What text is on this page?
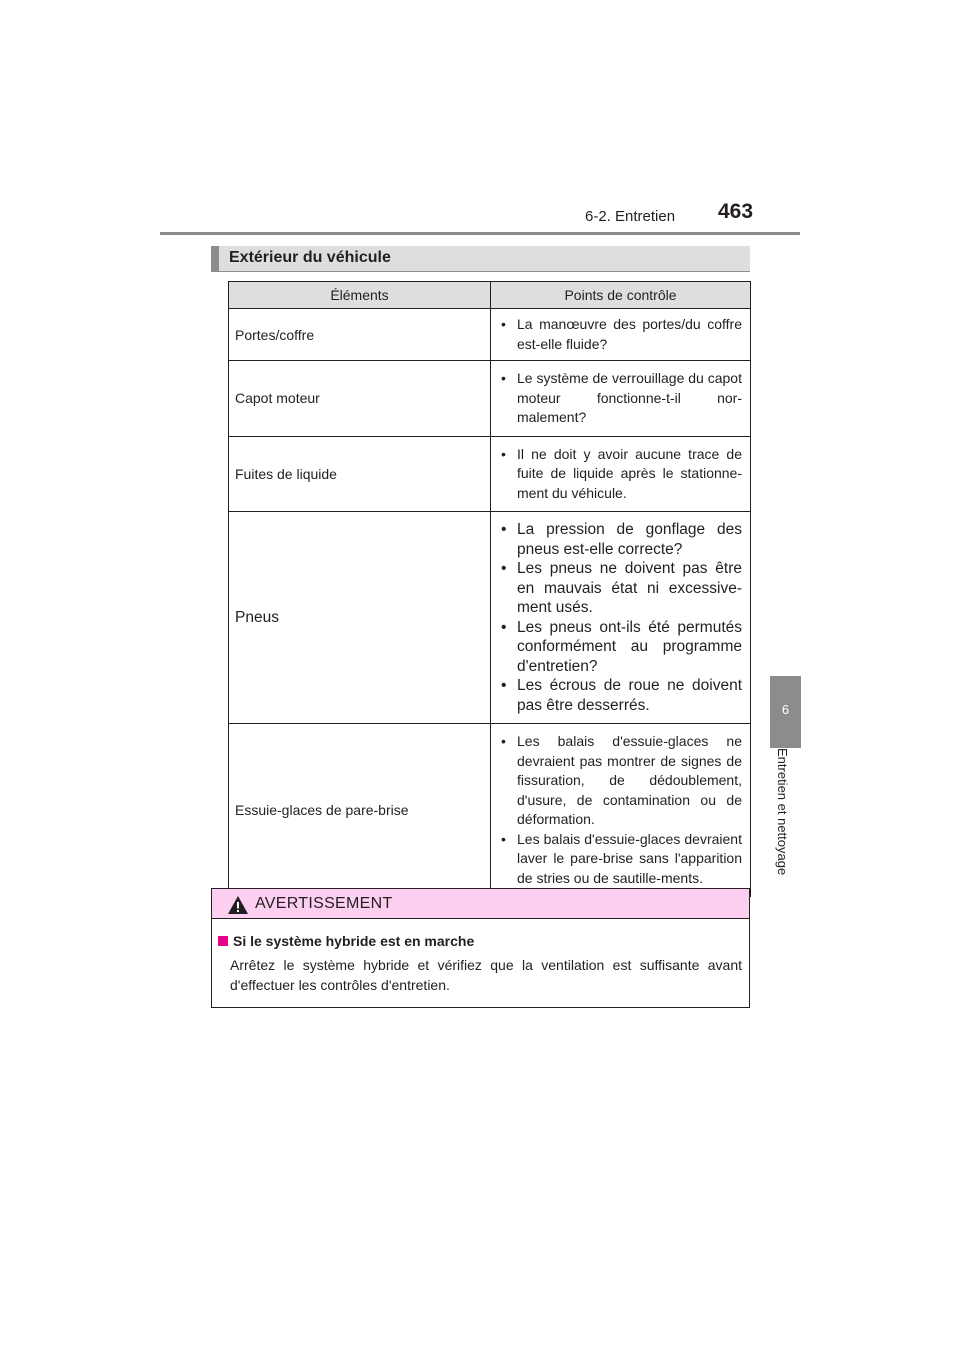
6-2. Entretien 463
6
Entretien et nettoyage
Extérieur du véhicule
Éléments	Points de contrôle
Portes/coffre	• La manœuvre des portes/du coffre est-elle fluide?

Capot moteur	• Le système de verrouillage du capot moteur fonctionne-t-il nor-malement?

Fuites de liquide	• Il ne doit y avoir aucune trace de fuite de liquide après le stationne-ment du véhicule.

Pneus	• La pression de gonflage des pneus est-elle correcte?
• Les pneus ne doivent pas être en mauvais état ni excessive-ment usés.
• Les pneus ont-ils été permutés conformément au programme d'entretien?
• Les écrous de roue ne doivent pas être desserrés.

Essuie-glaces de pare-brise	• Les balais d'essuie-glaces ne devraient pas montrer de signes de fissuration, de dédoublement, d'usure, de contamination ou de déformation.
• Les balais d'essuie-glaces devraient laver le pare-brise sans l'apparition de stries ou de sautille-ments.
AVERTISSEMENT
Si le système hybride est en marche
Arrêtez le système hybride et vérifiez que la ventilation est suffisante avant d'effectuer les contrôles d'entretien.
